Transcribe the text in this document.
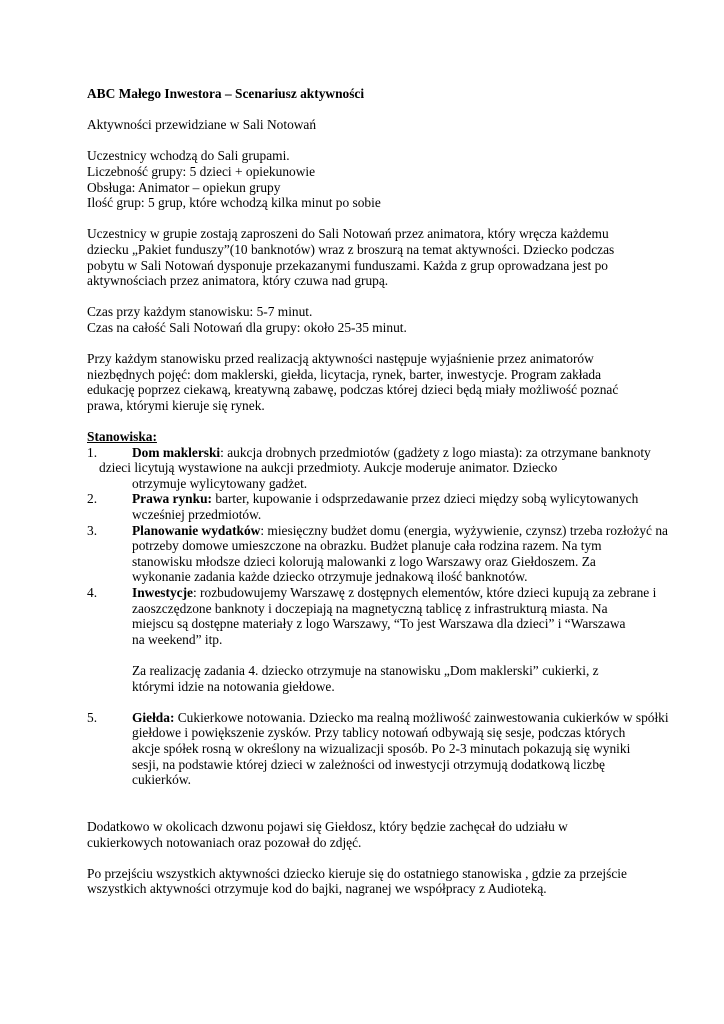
ABC Małego Inwestora – Scenariusz aktywności

Aktywności przewidziane w Sali Notowań

Uczestnicy wchodzą do Sali grupami.
Liczebność grupy: 5 dzieci + opiekunowie
Obsługa: Animator – opiekun grupy
Ilość grup: 5 grup, które wchodzą kilka minut po sobie
Uczestnicy w grupie zostają zaproszeni do Sali Notowań przez animatora, który wręcza każdemu
dziecku „Pakiet funduszy”(10 banknotów) wraz z broszurą na temat aktywności. Dziecko podczas
pobytu w Sali Notowań dysponuje przekazanymi funduszami. Każda z grup oprowadzana jest po
aktywnościach przez animatora, który czuwa nad grupą.
Czas przy każdym stanowisku: 5-7 minut.
Czas na całość Sali Notowań dla grupy: około 25-35 minut.
Przy każdym stanowisku przed realizacją aktywności następuje wyjaśnienie przez animatorów
niezbędnych pojęć: dom maklerski, giełda, licytacja, rynek, barter, inwestycje. Program zakłada
edukację poprzez ciekawą, kreatywną zabawę, podczas której dzieci będą miały możliwość poznać
prawa, którymi kieruje się rynek.

Stanowiska:

1.	Dom maklerski: aukcja drobnych przedmiotów (gadżety z logo miasta): za otrzymane banknoty
dzieci licytują wystawione na aukcji przedmioty. Aukcje moderuje animator. Dziecko
otrzymuje wylicytowany gadżet.
2.	Prawa rynku: barter, kupowanie i odsprzedawanie przez dzieci między sobą wylicytowanych
wcześniej przedmiotów.
3.	Planowanie wydatków: miesięczny budżet domu (energia, wyżywienie, czynsz) trzeba rozłożyć na
potrzeby domowe umieszczone na obrazku. Budżet planuje cała rodzina razem. Na tym
stanowisku młodsze dzieci kolorują malowanki z logo Warszawy oraz Giełdoszem. Za
wykonanie zadania każde dziecko otrzymuje jednakową ilość banknotów.
4.	Inwestycje: rozbudowujemy Warszawę z dostępnych elementów, które dzieci kupują za zebrane i
zaoszczędzone banknoty i doczepiają na magnetyczną tablicę z infrastrukturą miasta. Na
miejscu są dostępne materiały z logo Warszawy, “To jest Warszawa dla dzieci” i “Warszawa
na weekend” itp.
Za realizację zadania 4. dziecko otrzymuje na stanowisku „Dom maklerski” cukierki, z
którymi idzie na notowania giełdowe.
5.	Giełda: Cukierkowe notowania. Dziecko ma realną możliwość zainwestowania cukierków w spółki
giełdowe i powiększenie zysków. Przy tablicy notowań odbywają się sesje, podczas których
akcje spółek rosną w określony na wizualizacji sposób. Po 2-3 minutach pokazują się wyniki
sesji, na podstawie której dzieci w zależności od inwestycji otrzymują dodatkową liczbę
cukierków.
Dodatkowo w okolicach dzwonu pojawi się Giełdosz, który będzie zachęcał do udziału w
cukierkowych notowaniach oraz pozował do zdjęć.
Po przejściu wszystkich aktywności dziecko kieruje się do ostatniego stanowiska , gdzie za przejście
wszystkich aktywności otrzymuje kod do bajki, nagranej we współpracy z Audioteką.
